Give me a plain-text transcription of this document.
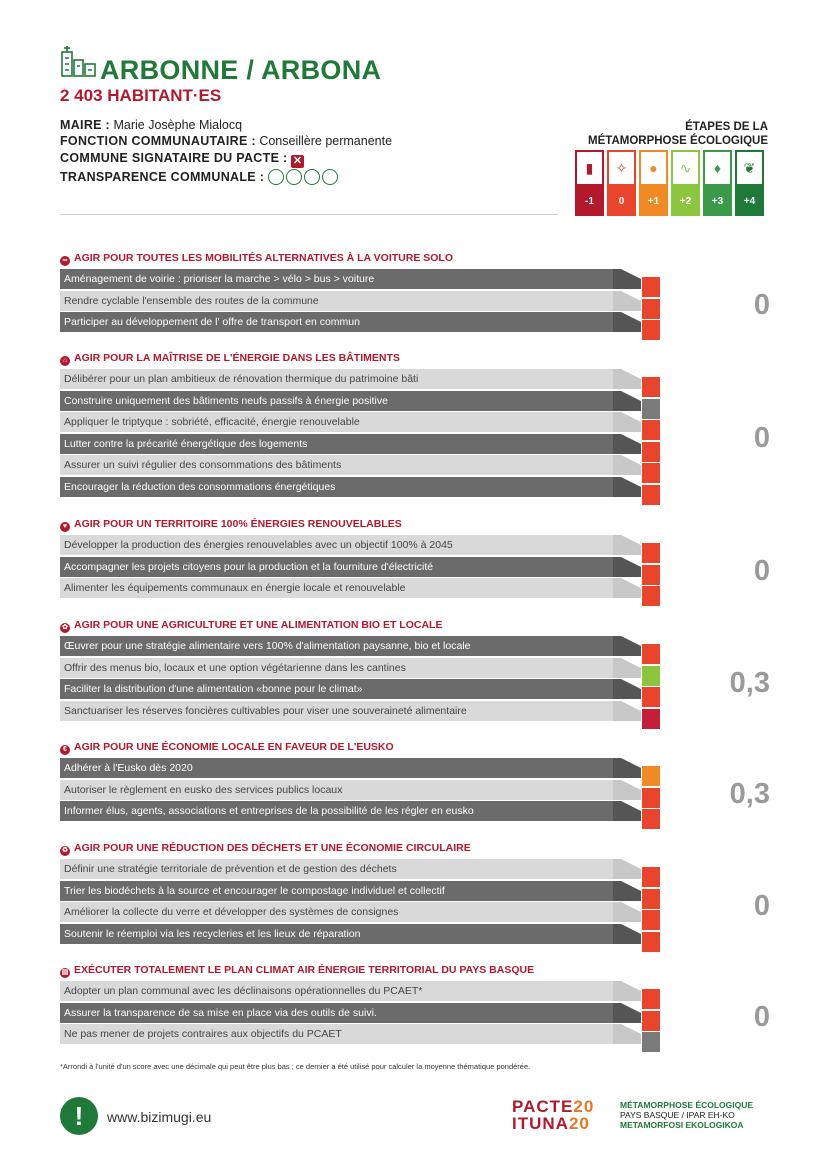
ARBONNE / ARBONA
2 403 HABITANT·ES
MAIRE : Marie Josèphe Mialocq
FONCTION COMMUNAUTAIRE : Conseillère permanente
COMMUNE SIGNATAIRE DU PACTE : ✕
TRANSPARENCE COMMUNALE :
ÉTAPES DE LA
MÉTAMORPHOSE ÉCOLOGIQUE
▮
-1
✧
0
●
+1
∿
+2
♦
+3
❦
+4
∞ AGIR POUR TOUTES LES MOBILITÉS ALTERNATIVES À LA VOITURE SOLO
Aménagement de voirie : prioriser la marche > vélo > bus > voiture
Rendre cyclable l'ensemble des routes de la commune
Participer au développement de l' offre de transport en commun
0
⌂ AGIR POUR LA MAÎTRISE DE L'ÉNERGIE DANS LES BÂTIMENTS
Délibérer pour un plan ambitieux de rénovation thermique du patrimoine bâti
Construire uniquement des bâtiments neufs passifs à énergie positive
Appliquer le triptyque : sobriété, efficacité, énergie renouvelable
Lutter contre la précarité énergétique des logements
Assurer un suivi régulier des consommations des bâtiments
Encourager la réduction des consommations énergétiques
0
♥ AGIR POUR UN TERRITOIRE 100% ÉNERGIES RENOUVELABLES
Développer la production des énergies renouvelables avec un objectif 100% à 2045
Accompagner les projets citoyens pour la production et la fourniture d'électricité
Alimenter les équipements communaux en énergie locale et renouvelable
0
✿ AGIR POUR UNE AGRICULTURE ET UNE ALIMENTATION BIO ET LOCALE
Œuvrer pour une stratégie alimentaire vers 100% d'alimentation paysanne, bio et locale
Offrir des menus bio, locaux et une option végétarienne dans les cantines
Faciliter la distribution d'une alimentation «bonne pour le climat»
Sanctuariser les réserves foncières cultivables pour viser une souveraineté alimentaire
0,3
€ AGIR POUR UNE ÉCONOMIE LOCALE EN FAVEUR DE L'EUSKO
Adhérer à l'Eusko dès 2020
Autoriser le règlement en eusko des services publics locaux
Informer élus, agents, associations et entreprises de la possibilité de les régler en eusko
0,3
♻ AGIR POUR UNE RÉDUCTION DES DÉCHETS ET UNE ÉCONOMIE CIRCULAIRE
Définir une stratégie territoriale de prévention et de gestion des déchets
Trier les biodéchets à la source et encourager le compostage individuel et collectif
Améliorer la collecte du verre et développer des systèmes de consignes
Soutenir le réemploi via les recycleries et les lieux de réparation
0
▤ EXÉCUTER TOTALEMENT LE PLAN CLIMAT AIR ÉNERGIE TERRITORIAL DU PAYS BASQUE
Adopter un plan communal avec les déclinaisons opérationnelles du PCAET*
Assurer la transparence de sa mise en place via des outils de suivi.
Ne pas mener de projets contraires aux objectifs du PCAET
0
*Arrondi à l'unité d'un score avec une décimale qui peut être plus bas ; ce dernier a été utilisé pour calculer la moyenne thématique pondérée.
!	www.bizimugi.eu
PACTE20
ITUNA20
MÉTAMORPHOSE ÉCOLOGIQUE
PAYS BASQUE / IPAR EH-KO
METAMORFOSI EKOLOGIKOA
